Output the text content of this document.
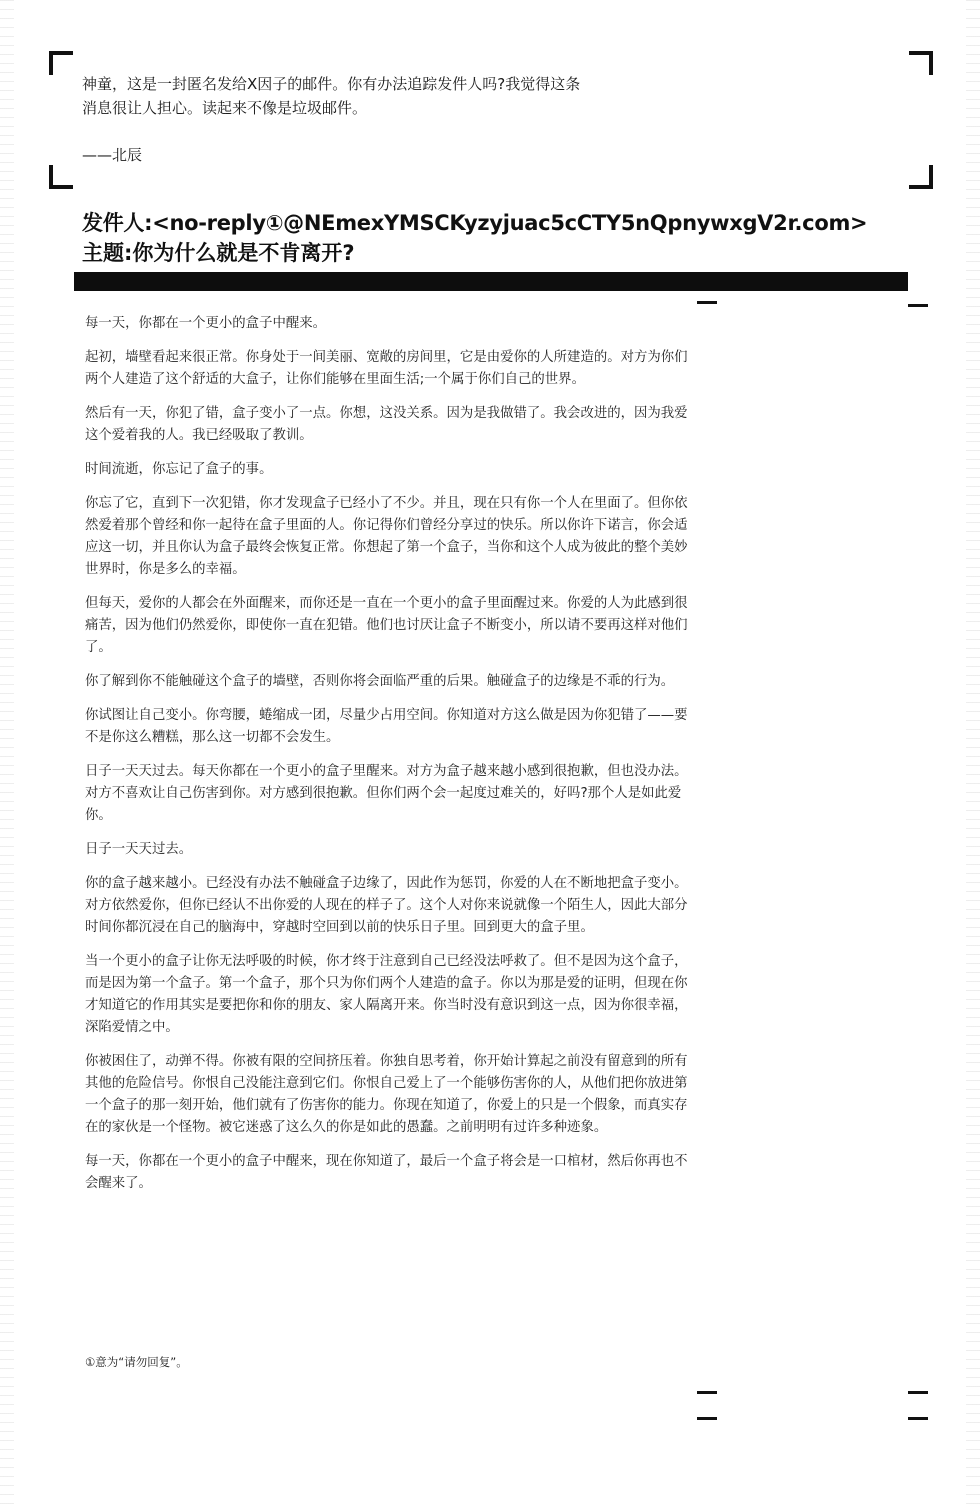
神童，这是一封匿名发给X因子的邮件。你有办法追踪发件人吗?我觉得这条消息很让人担心。读起来不像是垃圾邮件。
——北辰
发件人:<no-reply①@NEmexYMSCKyzyjuac5cCTY5nQpnywxgV2r.com>
主题:你为什么就是不肯离开?

每一天，你都在一个更小的盒子中醒来。

起初，墙壁看起来很正常。你身处于一间美丽、宽敞的房间里，它是由爱你的人所建造的。对方为你们两个人建造了这个舒适的大盒子，让你们能够在里面生活;一个属于你们自己的世界。

然后有一天，你犯了错，盒子变小了一点。你想，这没关系。因为是我做错了。我会改进的，因为我爱这个爱着我的人。我已经吸取了教训。

时间流逝，你忘记了盒子的事。

你忘了它，直到下一次犯错，你才发现盒子已经小了不少。并且，现在只有你一个人在里面了。但你依然爱着那个曾经和你一起待在盒子里面的人。你记得你们曾经分享过的快乐。所以你许下诺言，你会适应这一切，并且你认为盒子最终会恢复正常。你想起了第一个盒子，当你和这个人成为彼此的整个美妙世界时，你是多么的幸福。

但每天，爱你的人都会在外面醒来，而你还是一直在一个更小的盒子里面醒过来。你爱的人为此感到很痛苦，因为他们仍然爱你，即使你一直在犯错。他们也讨厌让盒子不断变小，所以请不要再这样对他们了。

你了解到你不能触碰这个盒子的墙壁，否则你将会面临严重的后果。触碰盒子的边缘是不乖的行为。

你试图让自己变小。你弯腰，蜷缩成一团，尽量少占用空间。你知道对方这么做是因为你犯错了——要不是你这么糟糕，那么这一切都不会发生。

日子一天天过去。每天你都在一个更小的盒子里醒来。对方为盒子越来越小感到很抱歉，但也没办法。对方不喜欢让自己伤害到你。对方感到很抱歉。但你们两个会一起度过难关的，好吗?那个人是如此爱你。

日子一天天过去。

你的盒子越来越小。已经没有办法不触碰盒子边缘了，因此作为惩罚，你爱的人在不断地把盒子变小。对方依然爱你，但你已经认不出你爱的人现在的样子了。这个人对你来说就像一个陌生人，因此大部分时间你都沉浸在自己的脑海中，穿越时空回到以前的快乐日子里。回到更大的盒子里。

当一个更小的盒子让你无法呼吸的时候，你才终于注意到自己已经没法呼救了。但不是因为这个盒子，而是因为第一个盒子。第一个盒子，那个只为你们两个人建造的盒子。你以为那是爱的证明，但现在你才知道它的作用其实是要把你和你的朋友、家人隔离开来。你当时没有意识到这一点，因为你很幸福，深陷爱情之中。

你被困住了，动弹不得。你被有限的空间挤压着。你独自思考着，你开始计算起之前没有留意到的所有其他的危险信号。你恨自己没能注意到它们。你恨自己爱上了一个能够伤害你的人，从他们把你放进第一个盒子的那一刻开始，他们就有了伤害你的能力。你现在知道了，你爱上的只是一个假象，而真实存在的家伙是一个怪物。被它迷惑了这么久的你是如此的愚蠢。之前明明有过许多种迹象。

每一天，你都在一个更小的盒子中醒来，现在你知道了，最后一个盒子将会是一口棺材，然后你再也不会醒来了。

①意为“请勿回复”。
